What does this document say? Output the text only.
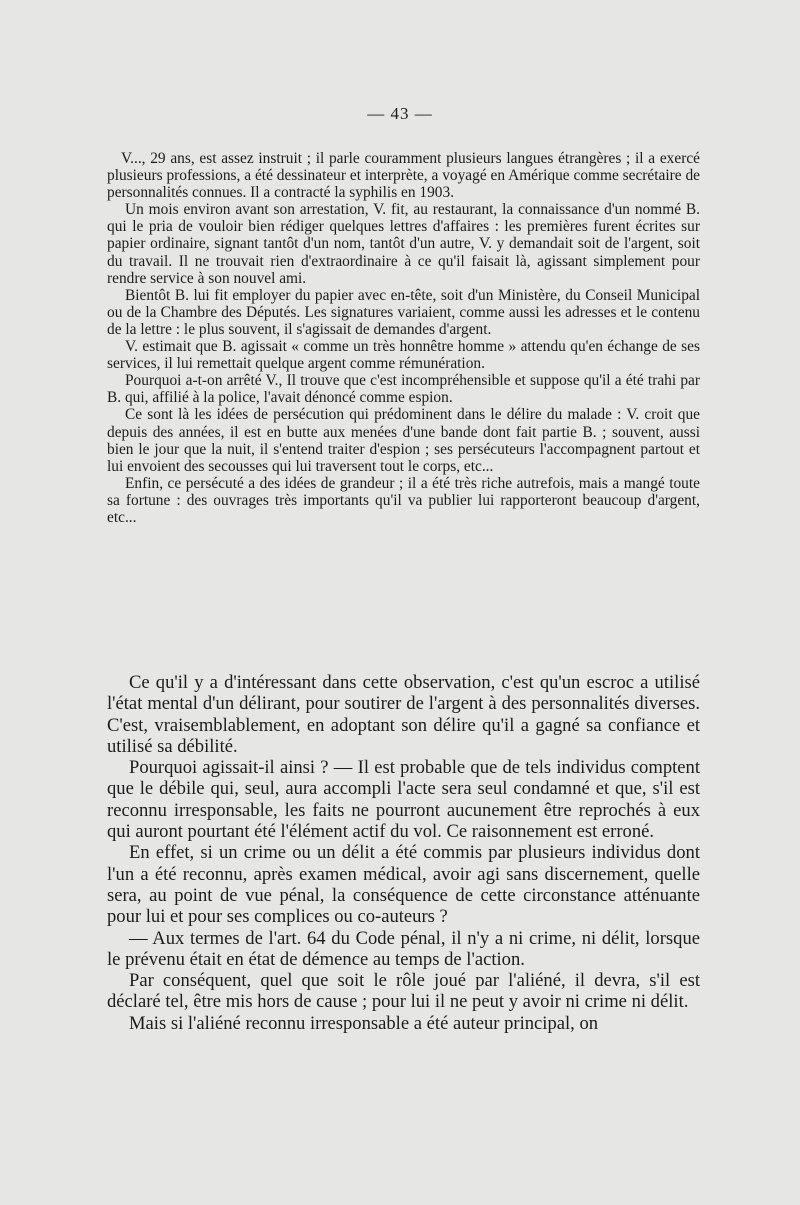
— 43 —

V..., 29 ans, est assez instruit ; il parle couramment plusieurs langues étrangères ; il a exercé plusieurs professions, a été dessinateur et interprète, a voyagé en Amérique comme secrétaire de personnalités connues. Il a contracté la syphilis en 1903.

Un mois environ avant son arrestation, V. fit, au restaurant, la connaissance d'un nommé B. qui le pria de vouloir bien rédiger quelques lettres d'affaires : les premières furent écrites sur papier ordinaire, signant tantôt d'un nom, tantôt d'un autre, V. y demandait soit de l'argent, soit du travail. Il ne trouvait rien d'extraordinaire à ce qu'il faisait là, agissant simplement pour rendre service à son nouvel ami.

Bientôt B. lui fit employer du papier avec en-tête, soit d'un Ministère, du Conseil Municipal ou de la Chambre des Députés. Les signatures variaient, comme aussi les adresses et le contenu de la lettre : le plus souvent, il s'agissait de demandes d'argent.

V. estimait que B. agissait « comme un très honnêtre homme » attendu qu'en échange de ses services, il lui remettait quelque argent comme rémunération.

Pourquoi a-t-on arrêté V., Il trouve que c'est incompréhensible et suppose qu'il a été trahi par B. qui, affilié à la police, l'avait dénoncé comme espion.

Ce sont là les idées de persécution qui prédominent dans le délire du malade : V. croit que depuis des années, il est en butte aux menées d'une bande dont fait partie B. ; souvent, aussi bien le jour que la nuit, il s'entend traiter d'espion ; ses persécuteurs l'accompagnent partout et lui envoient des secousses qui lui traversent tout le corps, etc...

Enfin, ce persécuté a des idées de grandeur ; il a été très riche autrefois, mais a mangé toute sa fortune : des ouvrages très importants qu'il va publier lui rapporteront beaucoup d'argent, etc...

Ce qu'il y a d'intéressant dans cette observation, c'est qu'un escroc a utilisé l'état mental d'un délirant, pour soutirer de l'argent à des personnalités diverses. C'est, vraisemblablement, en adoptant son délire qu'il a gagné sa confiance et utilisé sa débilité.

Pourquoi agissait-il ainsi ? — Il est probable que de tels individus comptent que le débile qui, seul, aura accompli l'acte sera seul condamné et que, s'il est reconnu irresponsable, les faits ne pourront aucunement être reprochés à eux qui auront pourtant été l'élément actif du vol. Ce raisonnement est erroné.

En effet, si un crime ou un délit a été commis par plusieurs individus dont l'un a été reconnu, après examen médical, avoir agi sans discernement, quelle sera, au point de vue pénal, la conséquence de cette circonstance atténuante pour lui et pour ses complices ou co-auteurs ?

— Aux termes de l'art. 64 du Code pénal, il n'y a ni crime, ni délit, lorsque le prévenu était en état de démence au temps de l'action.

Par conséquent, quel que soit le rôle joué par l'aliéné, il devra, s'il est déclaré tel, être mis hors de cause ; pour lui il ne peut y avoir ni crime ni délit.

Mais si l'aliéné reconnu irresponsable a été auteur principal, on
